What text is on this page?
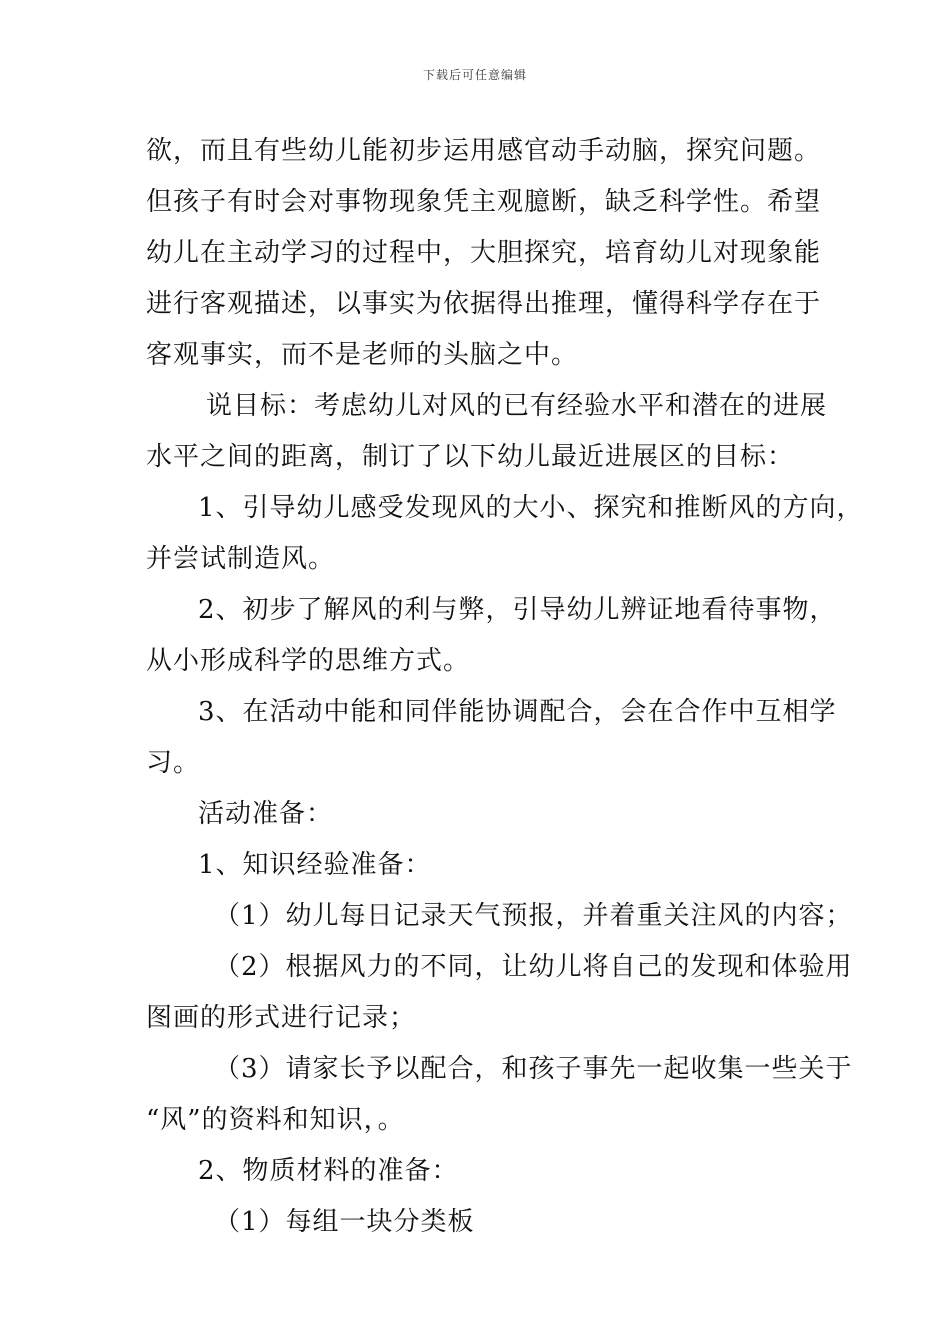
下载后可任意编辑
欲，而且有些幼儿能初步运用感官动手动脑，探究问题。
但孩子有时会对事物现象凭主观臆断，缺乏科学性。希望
幼儿在主动学习的过程中，大胆探究，培育幼儿对现象能
进行客观描述，以事实为依据得出推理，懂得科学存在于
客观事实，而不是老师的头脑之中。
说目标：考虑幼儿对风的已有经验水平和潜在的进展
水平之间的距离，制订了以下幼儿最近进展区的目标：
1、引导幼儿感受发现风的大小、探究和推断风的方向，
并尝试制造风。
2、初步了解风的利与弊，引导幼儿辨证地看待事物，
从小形成科学的思维方式。
3、在活动中能和同伴能协调配合，会在合作中互相学
习。
活动准备：
1、知识经验准备：
（1）幼儿每日记录天气预报，并着重关注风的内容；
（2）根据风力的不同，让幼儿将自己的发现和体验用
图画的形式进行记录；
（3）请家长予以配合，和孩子事先一起收集一些关于
“风”的资料和知识，。
2、物质材料的准备：
（1）每组一块分类板
